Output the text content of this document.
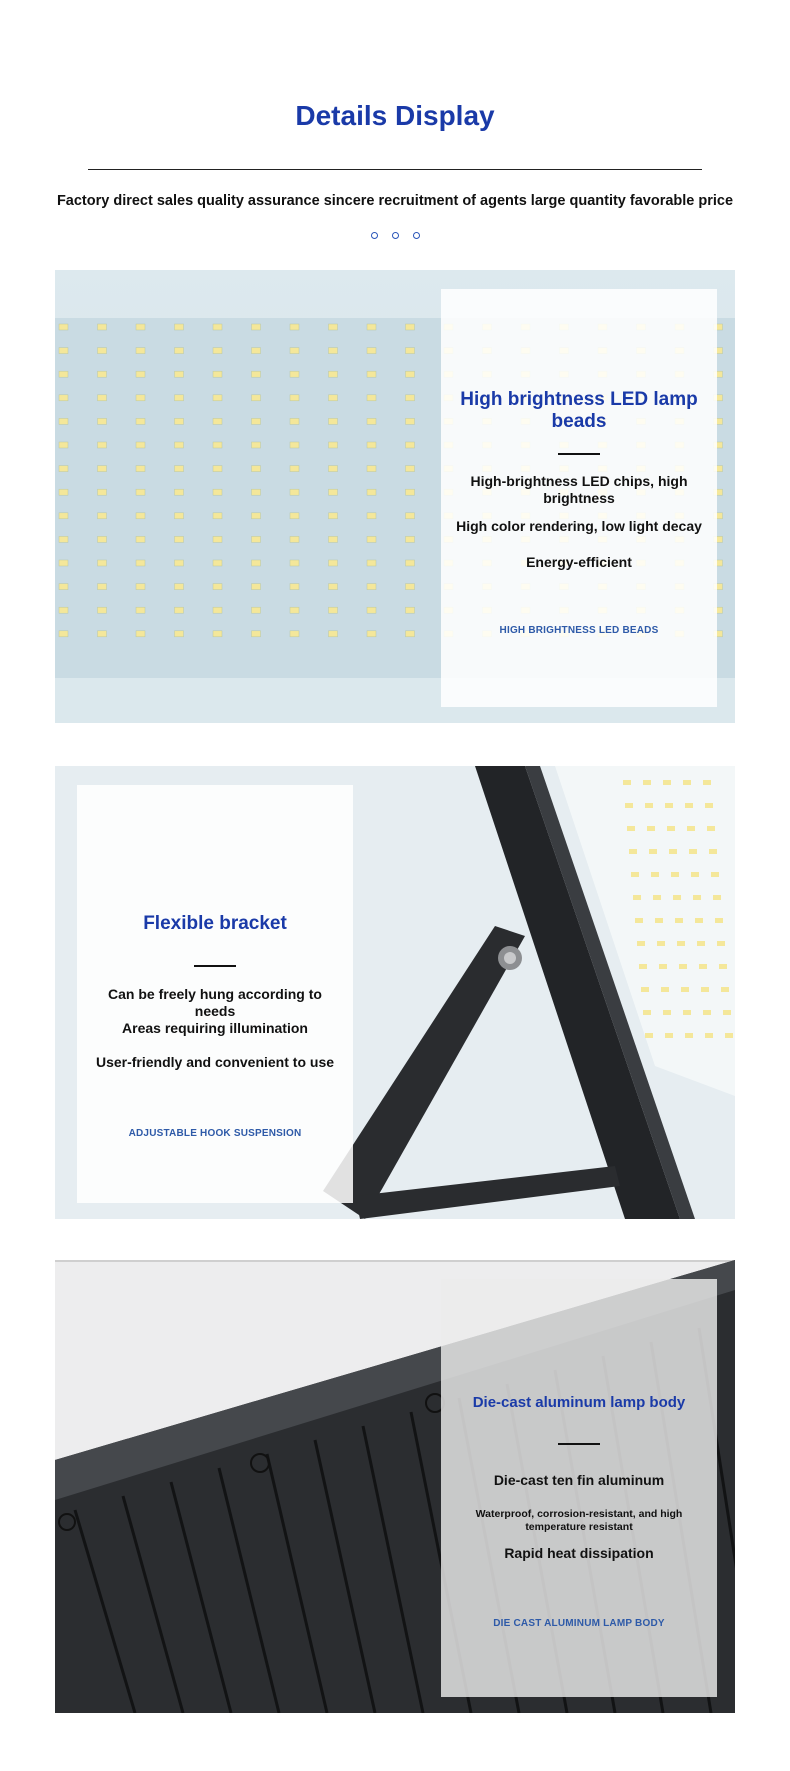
Details Display
Factory direct sales quality assurance sincere recruitment of agents large quantity favorable price
High brightness LED lamp beads
High-brightness LED chips, high brightness
High color rendering, low light decay
Energy-efficient
HIGH BRIGHTNESS LED BEADS
Flexible bracket
Can be freely hung according to needs
Areas requiring illumination
User-friendly and convenient to use
ADJUSTABLE HOOK SUSPENSION
Die-cast aluminum lamp body
Die-cast ten fin aluminum
Waterproof, corrosion-resistant, and high temperature resistant
Rapid heat dissipation
DIE CAST ALUMINUM LAMP BODY
